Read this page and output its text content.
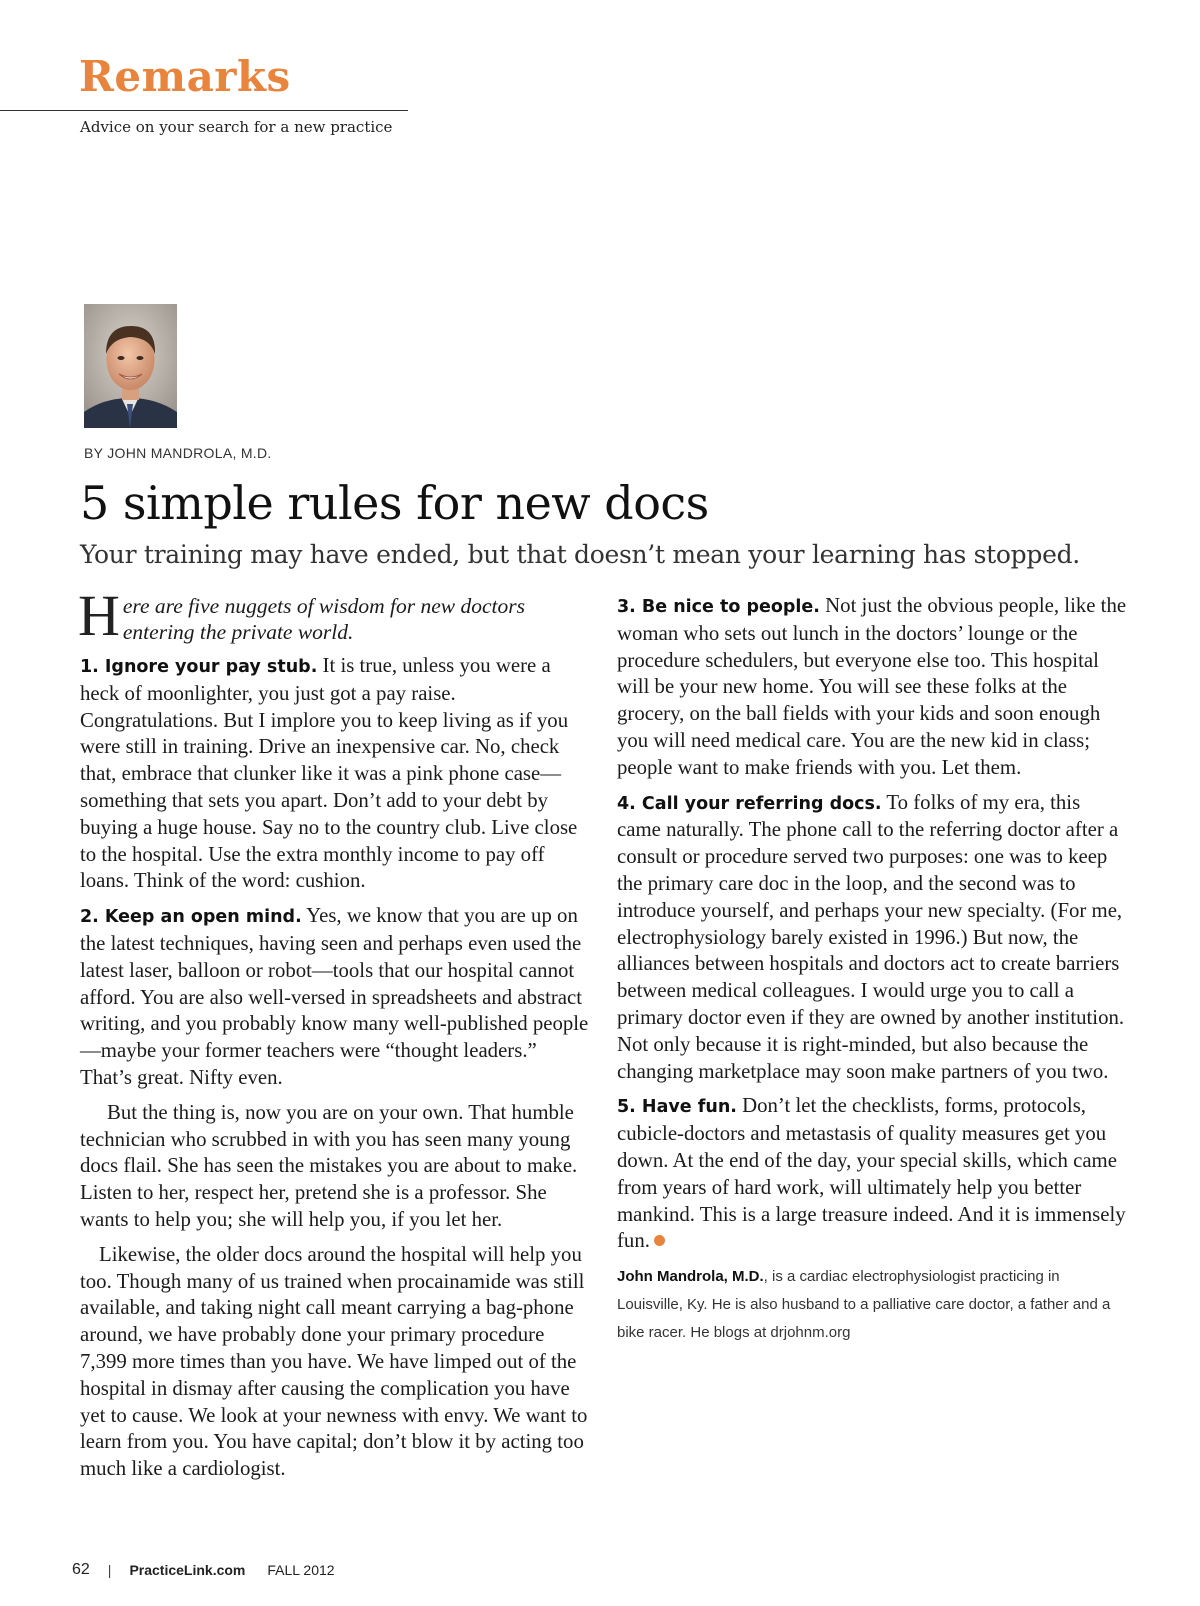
Remarks
Advice on your search for a new practice
BY JOHN MANDROLA, M.D.
5 simple rules for new docs
Your training may have ended, but that doesn’t mean your learning has stopped.

Here are five nuggets of wisdom for new doctors entering the private world.

1. Ignore your pay stub. It is true, unless you were a heck of moonlighter, you just got a pay raise. Congratulations. But I implore you to keep living as if you were still in training. Drive an inexpensive car. No, check that, embrace that clunker like it was a pink phone case—something that sets you apart. Don’t add to your debt by buying a huge house. Say no to the country club. Live close to the hospital. Use the extra monthly income to pay off loans. Think of the word: cushion.

2. Keep an open mind. Yes, we know that you are up on the latest techniques, having seen and perhaps even used the latest laser, balloon or robot—tools that our hospital cannot afford. You are also well-versed in spreadsheets and abstract writing, and you probably know many well-published people—maybe your former teachers were “thought leaders.” That’s great. Nifty even.

But the thing is, now you are on your own. That humble technician who scrubbed in with you has seen many young docs flail. She has seen the mistakes you are about to make. Listen to her, respect her, pretend she is a professor. She wants to help you; she will help you, if you let her.

Likewise, the older docs around the hospital will help you too. Though many of us trained when procainamide was still available, and taking night call meant carrying a bag-phone around, we have probably done your primary procedure 7,399 more times than you have. We have limped out of the hospital in dismay after causing the complication you have yet to cause. We look at your newness with envy. We want to learn from you. You have capital; don’t blow it by acting too much like a cardiologist.

3. Be nice to people. Not just the obvious people, like the woman who sets out lunch in the doctors’ lounge or the procedure schedulers, but everyone else too. This hospital will be your new home. You will see these folks at the grocery, on the ball fields with your kids and soon enough you will need medical care. You are the new kid in class; people want to make friends with you. Let them.

4. Call your referring docs. To folks of my era, this came naturally. The phone call to the referring doctor after a consult or procedure served two purposes: one was to keep the primary care doc in the loop, and the second was to introduce yourself, and perhaps your new specialty. (For me, electrophysiology barely existed in 1996.) But now, the alliances between hospitals and doctors act to create barriers between medical colleagues. I would urge you to call a primary doctor even if they are owned by another institution. Not only because it is right-minded, but also because the changing marketplace may soon make partners of you two.

5. Have fun. Don’t let the checklists, forms, protocols, cubicle-doctors and metastasis of quality measures get you down. At the end of the day, your special skills, which came from years of hard work, will ultimately help you better mankind. This is a large treasure indeed. And it is immensely fun.

John Mandrola, M.D., is a cardiac electrophysiologist practicing in Louisville, Ky. He is also husband to a palliative care doctor, a father and a bike racer. He blogs at drjohnm.org

62 | PracticeLink.com FALL 2012
